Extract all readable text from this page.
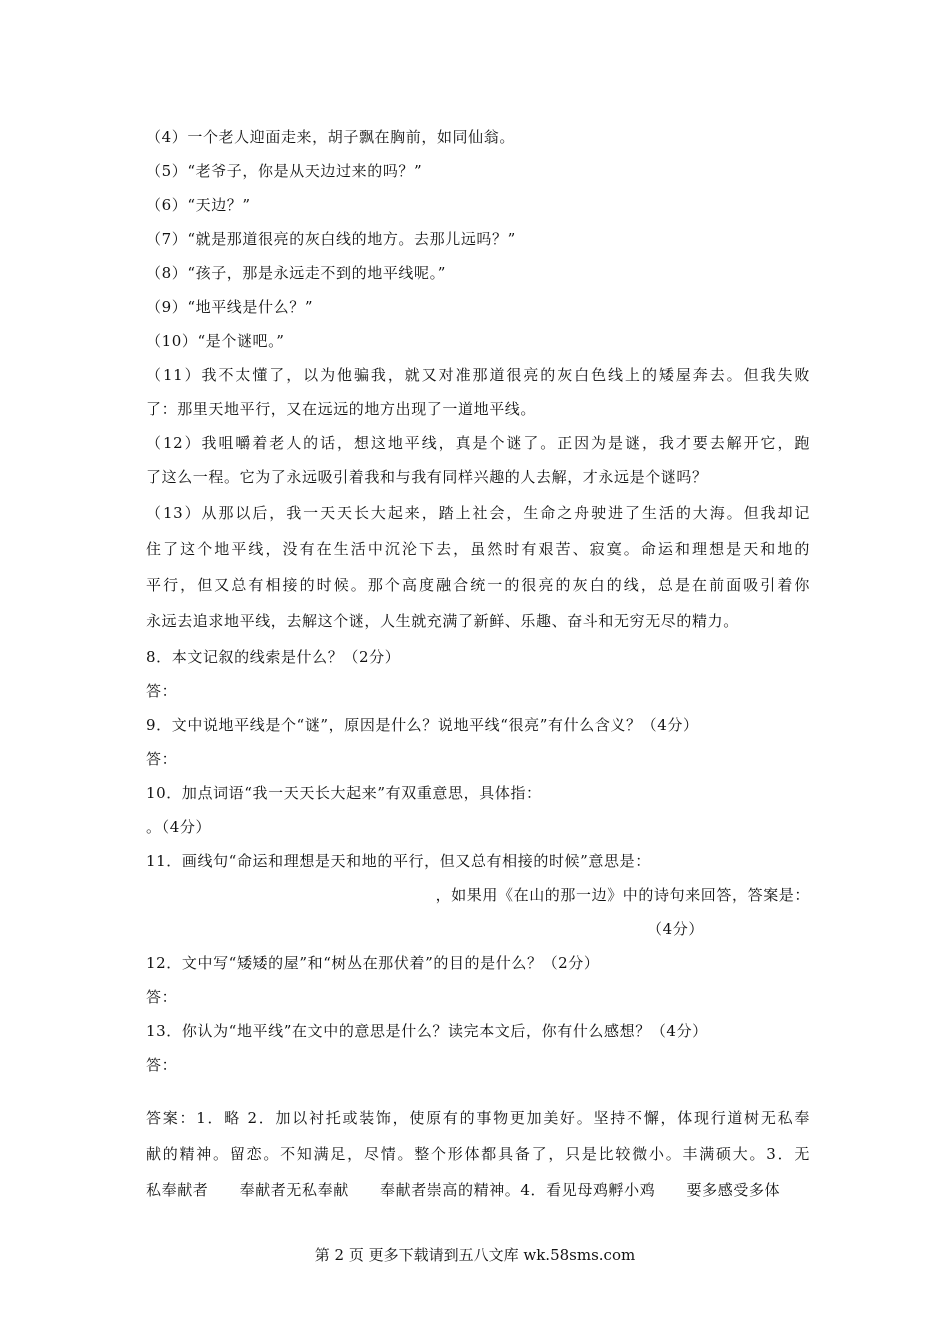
（4）一个老人迎面走来，胡子飘在胸前，如同仙翁。
（5）“老爷子，你是从天边过来的吗？”
（6）“天边？”
（7）“就是那道很亮的灰白线的地方。去那儿远吗？”
（8）“孩子，那是永远走不到的地平线呢。”
（9）“地平线是什么？”
（10）“是个谜吧。”
（11）我不太懂了，以为他骗我，就又对准那道很亮的灰白色线上的矮屋奔去。但我失败
了：那里天地平行，又在远远的地方出现了一道地平线。
（12）我咀嚼着老人的话，想这地平线，真是个谜了。正因为是谜，我才要去解开它，跑
了这么一程。它为了永远吸引着我和与我有同样兴趣的人去解，才永远是个谜吗？
（13）从那以后，我一天天长大起来，踏上社会，生命之舟驶进了生活的大海。但我却记
住了这个地平线，没有在生活中沉沦下去，虽然时有艰苦、寂寞。命运和理想是天和地的
平行，但又总有相接的时候。那个高度融合统一的很亮的灰白的线，总是在前面吸引着你
永远去追求地平线，去解这个谜，人生就充满了新鲜、乐趣、奋斗和无穷无尽的精力。
8．本文记叙的线索是什么？（2分）
答：
9．文中说地平线是个“谜”，原因是什么？说地平线“很亮”有什么含义？（4分）
答：
10．加点词语“我一天天长大起来”有双重意思，具体指：
。（4分）
11．画线句“命运和理想是天和地的平行，但又总有相接的时候”意思是：
，如果用《在山的那一边》中的诗句来回答，答案是：
（4分）
12．文中写“矮矮的屋”和“树丛在那伏着”的目的是什么？（2分）
答：
13．你认为“地平线”在文中的意思是什么？读完本文后，你有什么感想？（4分）
答：
答案：1．略 2．加以衬托或装饰，使原有的事物更加美好。坚持不懈，体现行道树无私奉
献的精神。留恋。不知满足，尽情。整个形体都具备了，只是比较微小。丰满硕大。3．无
私奉献者　　奉献者无私奉献　　奉献者崇高的精神。4．看见母鸡孵小鸡　　要多感受多体
第 2 页 更多下载请到五八文库 wk.58sms.com
